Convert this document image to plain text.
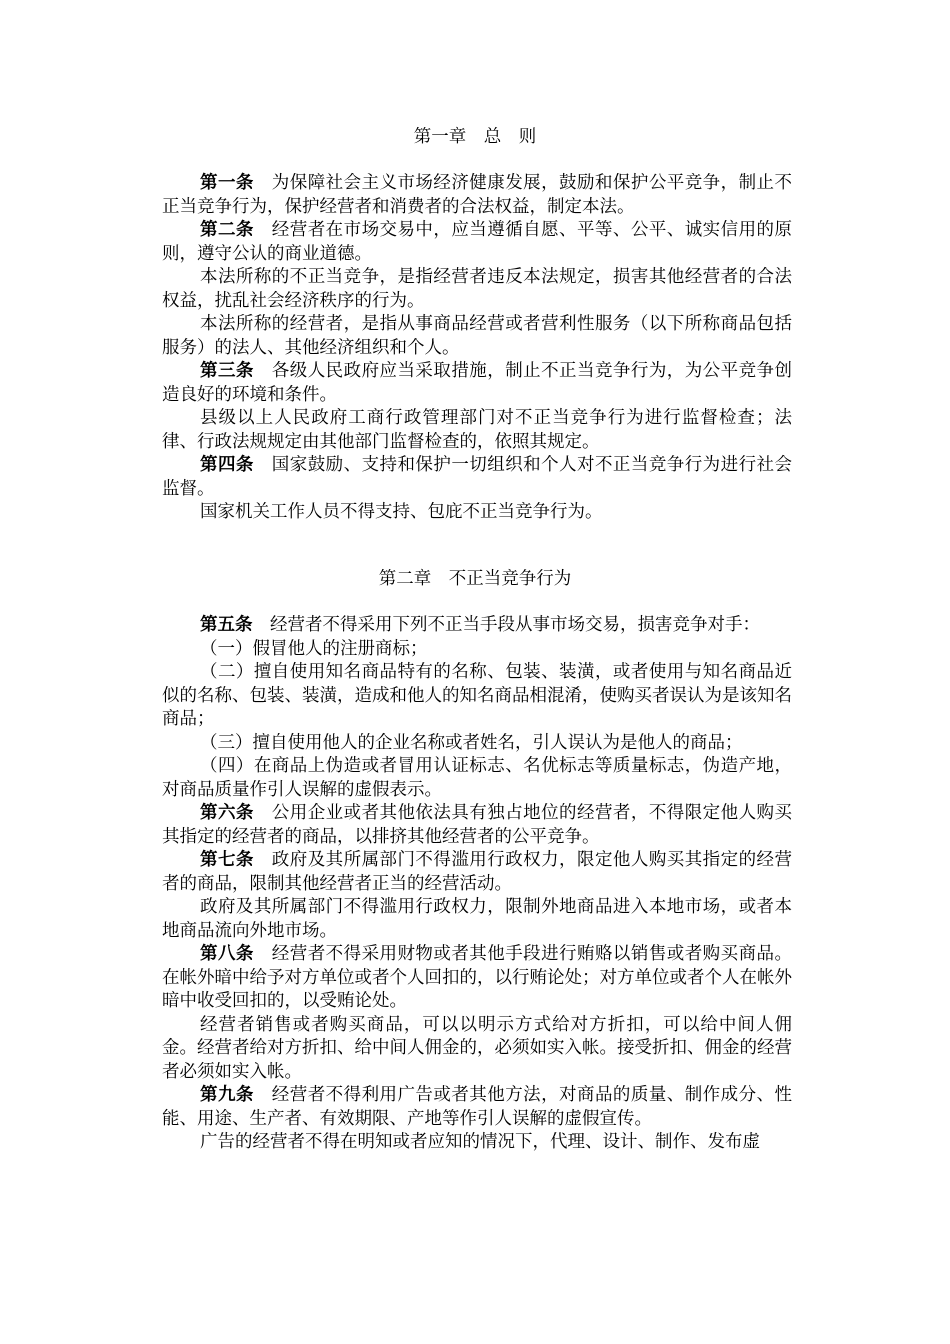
第一章　总　则

第一条　为保障社会主义市场经济健康发展，鼓励和保护公平竞争，制止不正当竞争行为，保护经营者和消费者的合法权益，制定本法。

第二条　经营者在市场交易中，应当遵循自愿、平等、公平、诚实信用的原则，遵守公认的商业道德。

本法所称的不正当竞争，是指经营者违反本法规定，损害其他经营者的合法权益，扰乱社会经济秩序的行为。

本法所称的经营者，是指从事商品经营或者营利性服务（以下所称商品包括服务）的法人、其他经济组织和个人。

第三条　各级人民政府应当采取措施，制止不正当竞争行为，为公平竞争创造良好的环境和条件。

县级以上人民政府工商行政管理部门对不正当竞争行为进行监督检查；法律、行政法规规定由其他部门监督检查的，依照其规定。

第四条　国家鼓励、支持和保护一切组织和个人对不正当竞争行为进行社会监督。

国家机关工作人员不得支持、包庇不正当竞争行为。

第二章　不正当竞争行为

第五条　经营者不得采用下列不正当手段从事市场交易，损害竞争对手：

（一）假冒他人的注册商标；

（二）擅自使用知名商品特有的名称、包装、装潢，或者使用与知名商品近似的名称、包装、装潢，造成和他人的知名商品相混淆，使购买者误认为是该知名商品；

（三）擅自使用他人的企业名称或者姓名，引人误认为是他人的商品；

（四）在商品上伪造或者冒用认证标志、名优标志等质量标志，伪造产地，对商品质量作引人误解的虚假表示。

第六条　公用企业或者其他依法具有独占地位的经营者，不得限定他人购买其指定的经营者的商品，以排挤其他经营者的公平竞争。

第七条　政府及其所属部门不得滥用行政权力，限定他人购买其指定的经营者的商品，限制其他经营者正当的经营活动。

政府及其所属部门不得滥用行政权力，限制外地商品进入本地市场，或者本地商品流向外地市场。

第八条　经营者不得采用财物或者其他手段进行贿赂以销售或者购买商品。在帐外暗中给予对方单位或者个人回扣的，以行贿论处；对方单位或者个人在帐外暗中收受回扣的，以受贿论处。

经营者销售或者购买商品，可以以明示方式给对方折扣，可以给中间人佣金。经营者给对方折扣、给中间人佣金的，必须如实入帐。接受折扣、佣金的经营者必须如实入帐。

第九条　经营者不得利用广告或者其他方法，对商品的质量、制作成分、性能、用途、生产者、有效期限、产地等作引人误解的虚假宣传。

广告的经营者不得在明知或者应知的情况下，代理、设计、制作、发布虚
